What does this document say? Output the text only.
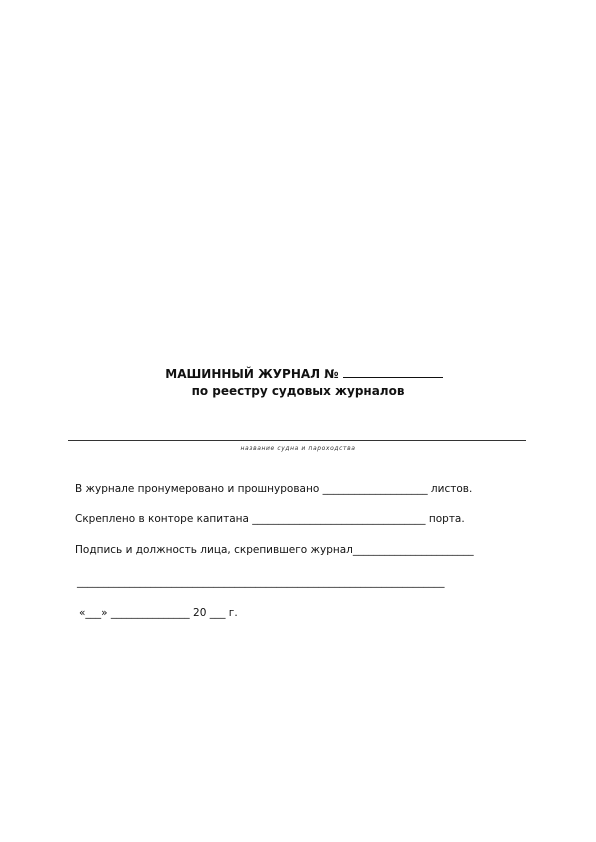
МАШИННЫЙ ЖУРНАЛ №
по реестру судовых журналов
название судна и пароходства
В журнале пронумеровано и прошнуровано ____________________ листов.
Скреплено в конторе капитана _________________________________ порта.
Подпись и должность лица, скрепившего журнал_______________________
______________________________________________________________________
«___» _______________ 20 ___ г.
